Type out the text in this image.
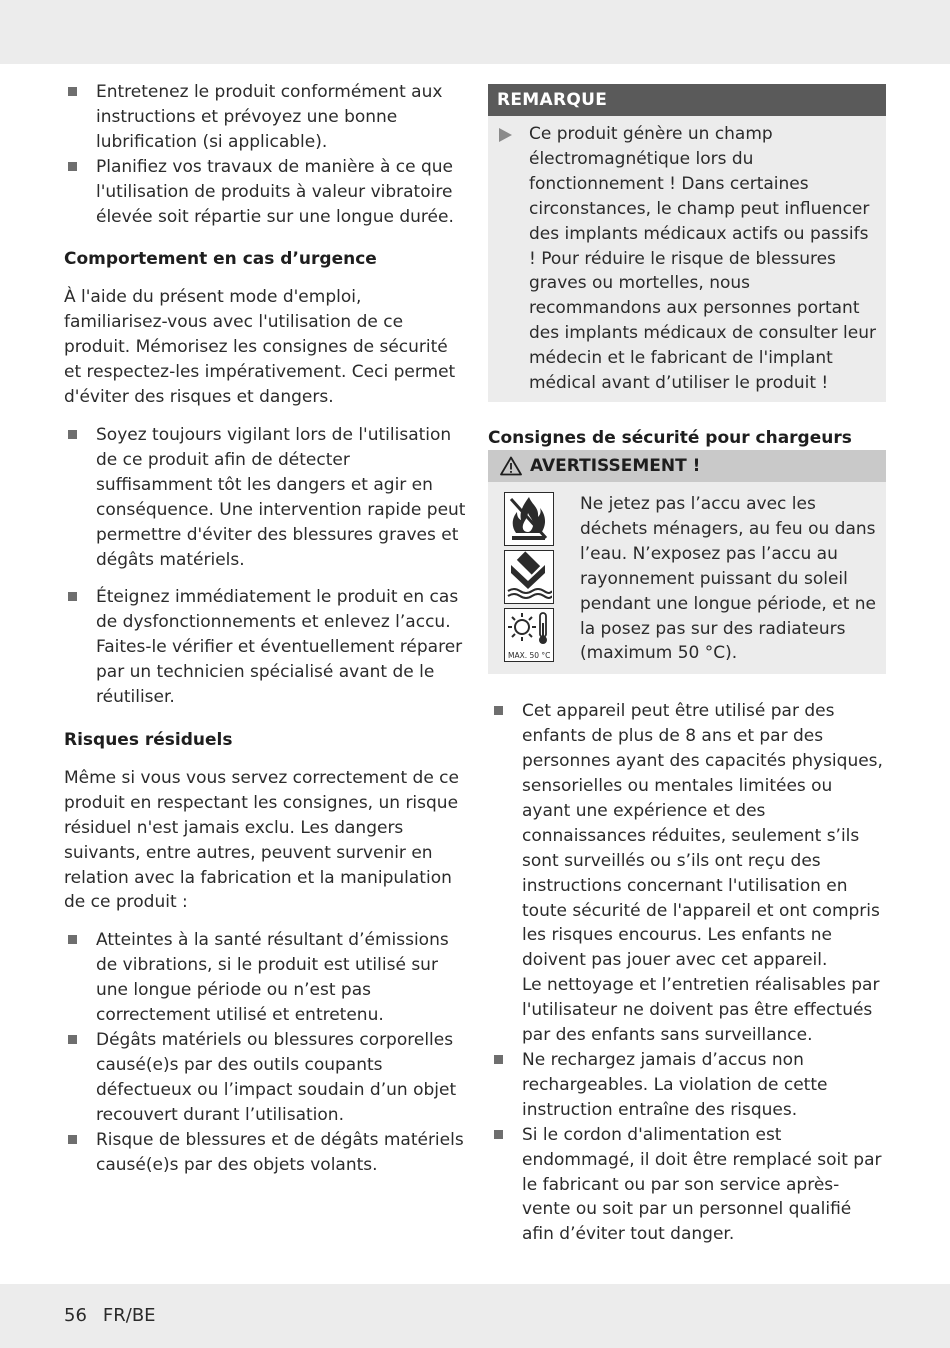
Entretenez le produit conformément aux instructions et prévoyez une bonne lubrification (si applicable).
Planifiez vos travaux de manière à ce que l'utilisation de produits à valeur vibratoire élevée soit répartie sur une longue durée.
Comportement en cas d’urgence

À l'aide du présent mode d'emploi, familiarisez-vous avec l'utilisation de ce produit. Mémorisez les consignes de sécurité et respectez-les impérativement. Ceci permet d'éviter des risques et dangers.

Soyez toujours vigilant lors de l'utilisation de ce produit afin de détecter suffisamment tôt les dangers et agir en conséquence. Une intervention rapide peut permettre d'éviter des blessures graves et dégâts matériels.
Éteignez immédiatement le produit en cas de dysfonctionnements et enlevez l’accu. Faites-le vérifier et éventuellement réparer par un technicien spécialisé avant de le réutiliser.
Risques résiduels

Même si vous vous servez correctement de ce produit en respectant les consignes, un risque résiduel n'est jamais exclu. Les dangers suivants, entre autres, peuvent survenir en relation avec la fabrication et la manipulation de ce produit :

Atteintes à la santé résultant d’émissions de vibrations, si le produit est utilisé sur une longue période ou n’est pas correctement utilisé et entretenu.
Dégâts matériels ou blessures corporelles causé(e)s par des outils coupants défectueux ou l’impact soudain d’un objet recouvert durant l’utilisation.
Risque de blessures et de dégâts matériels causé(e)s par des objets volants.
REMARQUE
Ce produit génère un champ électromagnétique lors du fonctionnement ! Dans certaines circonstances, le champ peut influencer des implants médicaux actifs ou passifs ! Pour réduire le risque de blessures graves ou mortelles, nous recommandons aux personnes portant des implants médicaux de consulter leur médecin et le fabricant de l'implant médical avant d’utiliser le produit !
Consignes de sécurité pour chargeurs
AVERTISSEMENT !
MAX. 50 °C
Ne jetez pas l’accu avec les déchets ménagers, au feu ou dans l’eau. N’exposez pas l’accu au rayonnement puissant du soleil pendant une longue période, et ne la posez pas sur des radiateurs (maximum 50 °C).
Cet appareil peut être utilisé par des enfants de plus de 8 ans et par des personnes ayant des capacités physiques, sensorielles ou mentales limitées ou ayant une expérience et des connaissances réduites, seulement s’ils sont surveillés ou s’ils ont reçu des instructions concernant l'utilisation en toute sécurité de l'appareil et ont compris les risques encourus. Les enfants ne doivent pas jouer avec cet appareil.
Le nettoyage et l’entretien réalisables par l'utilisateur ne doivent pas être effectués par des enfants sans surveillance.
Ne rechargez jamais d’accus non rechargeables. La violation de cette instruction entraîne des risques.
Si le cordon d'alimentation est endommagé, il doit être remplacé soit par le fabricant ou par son service après-vente ou soit par un personnel qualifié afin d’éviter tout danger.
56 FR/BE
